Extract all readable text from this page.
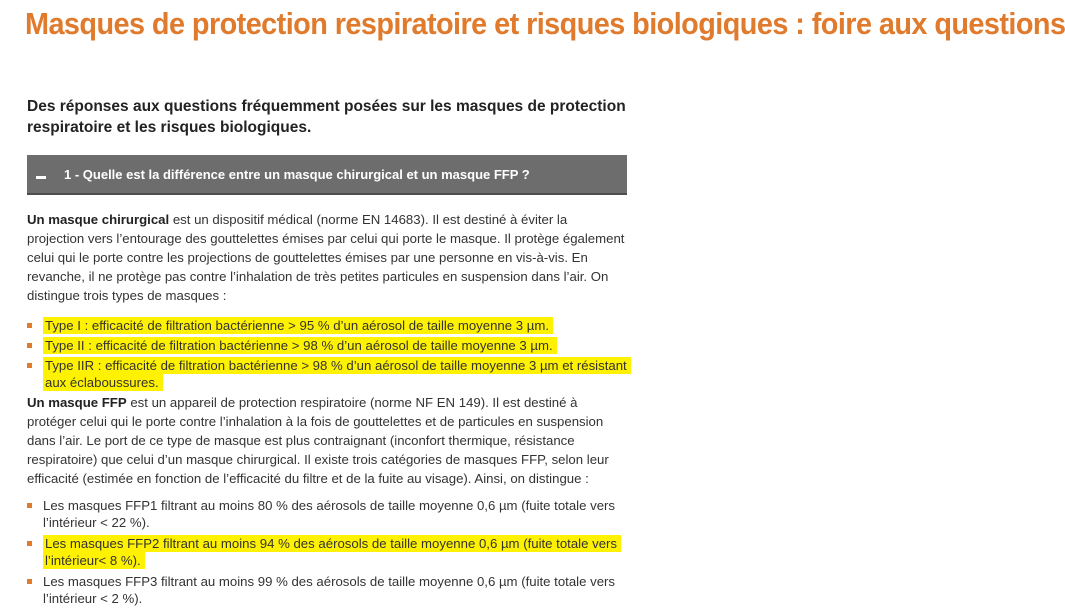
Masques de protection respiratoire et risques biologiques : foire aux questions

Des réponses aux questions fréquemment posées sur les masques de protection respiratoire et les risques biologiques.

1 - Quelle est la différence entre un masque chirurgical et un masque FFP ?

Un masque chirurgical est un dispositif médical (norme EN 14683). Il est destiné à éviter la projection vers l’entourage des gouttelettes émises par celui qui porte le masque. Il protège également celui qui le porte contre les projections de gouttelettes émises par une personne en vis-à-vis. En revanche, il ne protège pas contre l’inhalation de très petites particules en suspension dans l’air. On distingue trois types de masques :

Type I : efficacité de filtration bactérienne > 95 % d’un aérosol de taille moyenne 3 µm.
Type II : efficacité de filtration bactérienne > 98 % d’un aérosol de taille moyenne 3 µm.
Type IIR : efficacité de filtration bactérienne > 98 % d’un aérosol de taille moyenne 3 µm et résistant aux éclaboussures.

Un masque FFP est un appareil de protection respiratoire (norme NF EN 149). Il est destiné à protéger celui qui le porte contre l’inhalation à la fois de gouttelettes et de particules en suspension dans l’air. Le port de ce type de masque est plus contraignant (inconfort thermique, résistance respiratoire) que celui d’un masque chirurgical. Il existe trois catégories de masques FFP, selon leur efficacité (estimée en fonction de l’efficacité du filtre et de la fuite au visage). Ainsi, on distingue :

Les masques FFP1 filtrant au moins 80 % des aérosols de taille moyenne 0,6 µm (fuite totale vers l’intérieur < 22 %).
Les masques FFP2 filtrant au moins 94 % des aérosols de taille moyenne 0,6 µm (fuite totale vers l’intérieur< 8 %).
Les masques FFP3 filtrant au moins 99 % des aérosols de taille moyenne 0,6 µm (fuite totale vers l’intérieur < 2 %).
